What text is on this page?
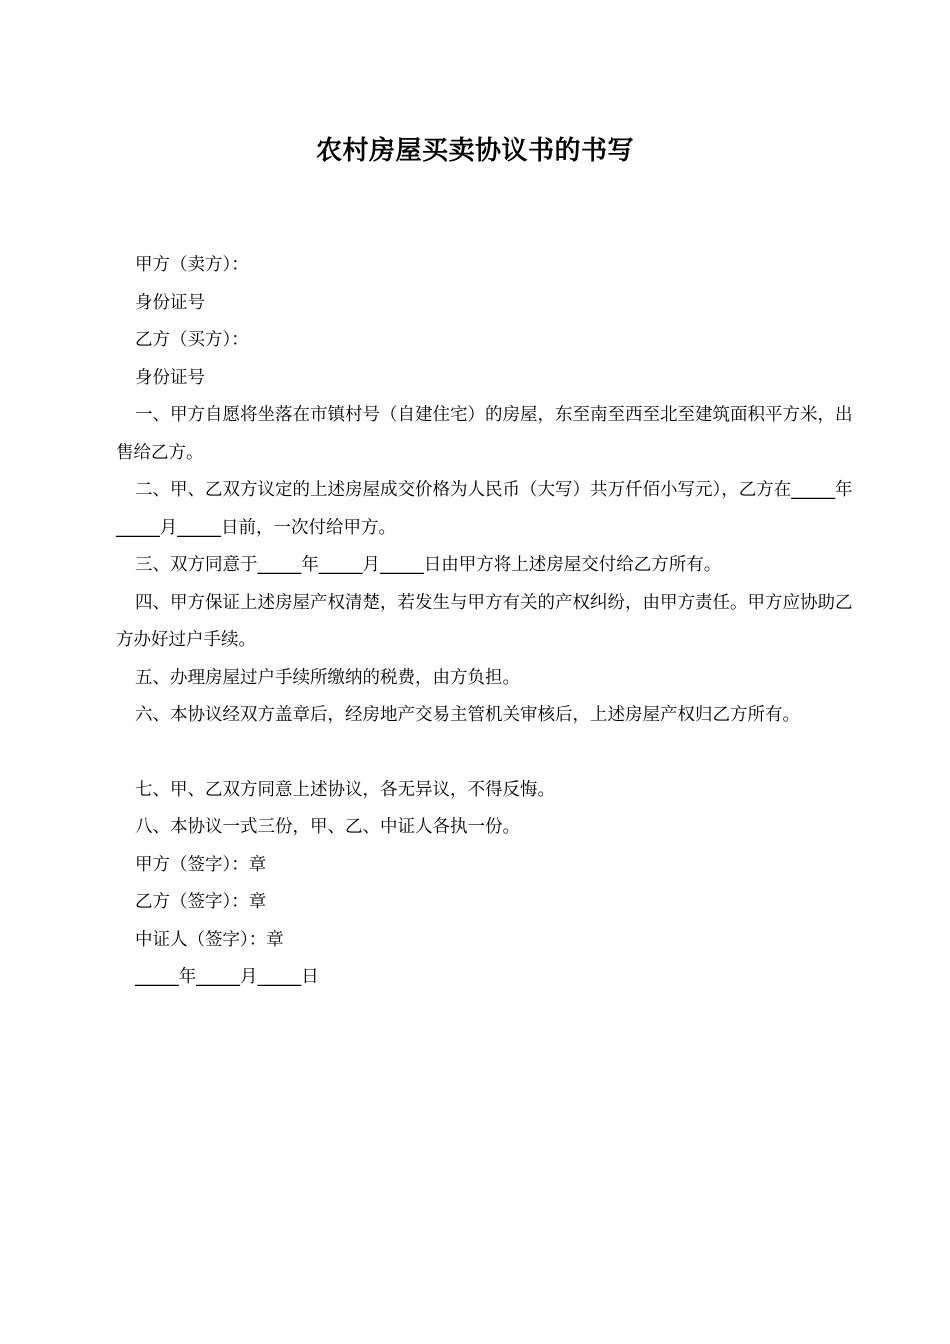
农村房屋买卖协议书的书写

甲方（卖方）：

身份证号

乙方（买方）：

身份证号

一、甲方自愿将坐落在市镇村号（自建住宅）的房屋，东至南至西至北至建筑面积平方米，出售给乙方。

二、甲、乙双方议定的上述房屋成交价格为人民币（大写）共万仟佰小写元），乙方在_____年_____月_____日前，一次付给甲方。

三、双方同意于_____年_____月_____日由甲方将上述房屋交付给乙方所有。

四、甲方保证上述房屋产权清楚，若发生与甲方有关的产权纠纷，由甲方责任。甲方应协助乙方办好过户手续。

五、办理房屋过户手续所缴纳的税费，由方负担。

六、本协议经双方盖章后，经房地产交易主管机关审核后，上述房屋产权归乙方所有。

七、甲、乙双方同意上述协议，各无异议，不得反悔。

八、本协议一式三份，甲、乙、中证人各执一份。

甲方（签字）：章

乙方（签字）：章

中证人（签字）：章

_____年_____月_____日
